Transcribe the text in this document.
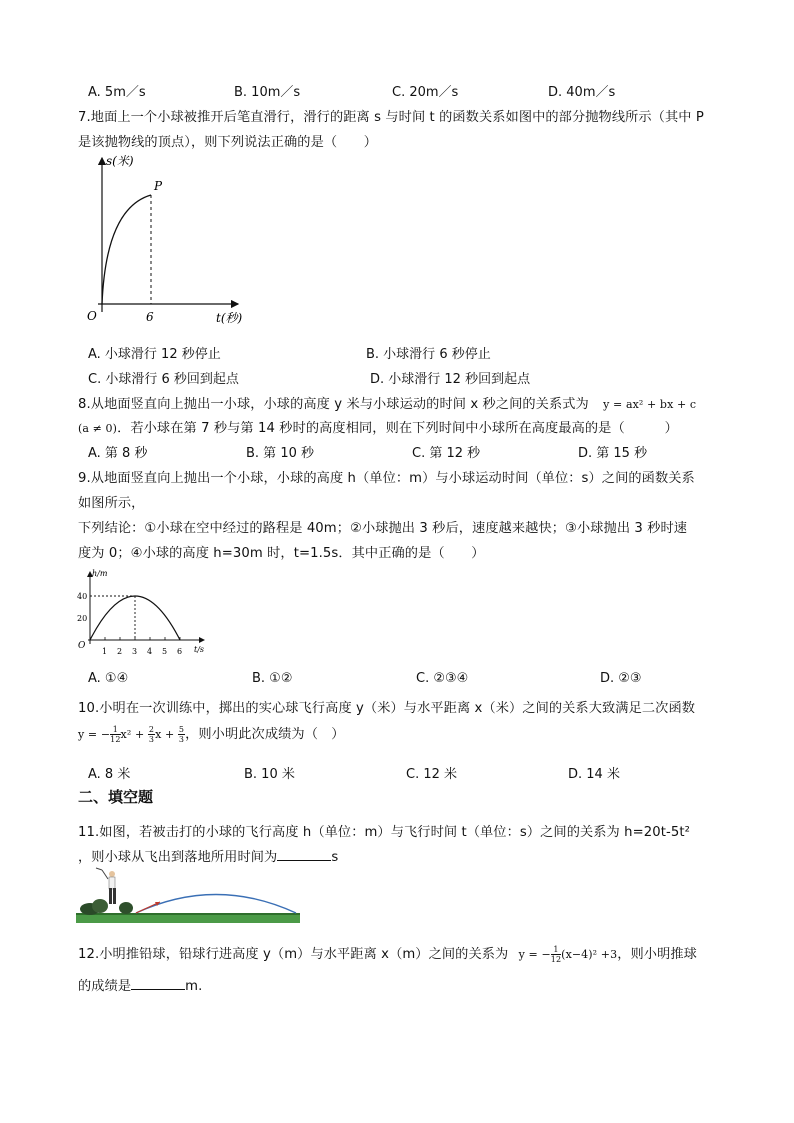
A. 5m／s	B. 10m／s	C. 20m／s	D. 40m／s
7.地面上一个小球被推开后笔直滑行，滑行的距离 s 与时间 t 的函数关系如图中的部分抛物线所示（其中 P
是该抛物线的顶点），则下列说法正确的是（　　）
s(米)
P
O	6	t(秒)
A. 小球滑行 12 秒停止	B. 小球滑行 6 秒停止
C. 小球滑行 6 秒回到起点	D. 小球滑行 12 秒回到起点
8.从地面竖直向上抛出一小球，小球的高度 y 米与小球运动的时间 x 秒之间的关系式为 y = ax² + bx + c
(a ≠ 0)．若小球在第 7 秒与第 14 秒时的高度相同，则在下列时间中小球所在高度最高的是（　　　）
A. 第 8 秒	B. 第 10 秒	C. 第 12 秒	D. 第 15 秒
9.从地面竖直向上抛出一个小球，小球的高度 h（单位：m）与小球运动时间（单位：s）之间的函数关系
如图所示，
下列结论：①小球在空中经过的路程是 40m；②小球抛出 3 秒后，速度越来越快；③小球抛出 3 秒时速
度为 0；④小球的高度 h=30m 时，t=1.5s．其中正确的是（　　）
h/m
40
20
O
1 2 3 4 5 6 t/s
A. ①④	B. ①②	C. ②③④	D. ②③
10.小明在一次训练中，掷出的实心球飞行高度 y（米）与水平距离 x（米）之间的关系大致满足二次函数
y = − $\frac{1}{12} x^2 + \frac{2}{3}$ $x + \frac{5}{3}$ ，则小明此次成绩为（　）
A. 8 米	B. 10 米	C. 12 米	D. 14 米
二、填空题
11.如图，若被击打的小球的飞行高度 h（单位：m）与飞行时间 t（单位：s）之间的关系为 h=20t-5t²
，则小球从飞出到落地所用时间为	s
12.小明推铅球，铅球行进高度 y（m）与水平距离 x（m）之间的关系为 y = − $\frac{1}{12} (x-4)^2 +3$，则小明推球
的成绩是	m.
